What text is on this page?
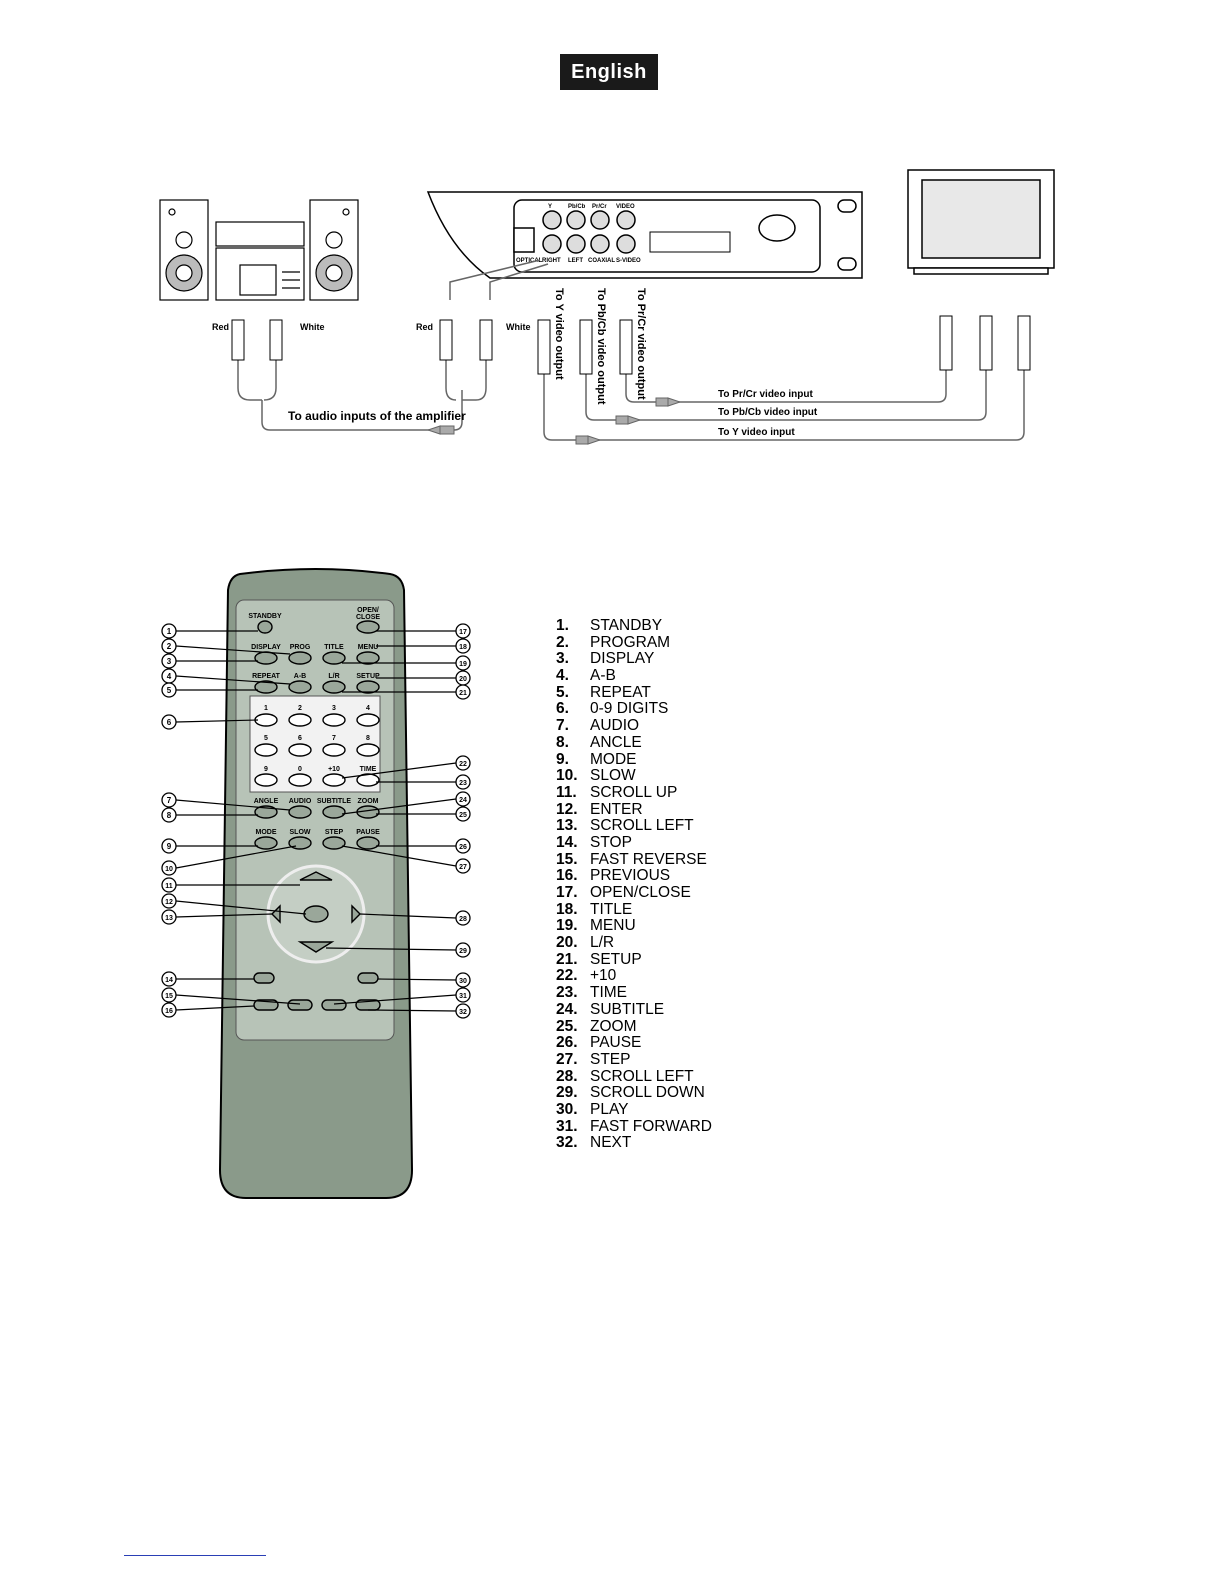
English
Y	Pb/Cb Pr/Cr VIDEO
OPTICAL RIGHT LEFT COAXIAL S-VIDEO
Red	White	Red	White
To audio inputs of the amplifier
To Y video output	To Pb/Cb video output	To Pr/Cr video output	To Pr/Cr video input
To Pb/Cb video input
To Y video input
STANDBY
OPEN/
CLOSE
DISPLAY PROG TITLE MENU
REPEAT A-B	L/R SETUP
1	2	3	4
5	6	7	8
9	0	+10	TIME
ANGLE AUDIO SUBTITLE ZOOM
MODE SLOW STEP PAUSE
1
2
3
4
5
6
7
8
9
10
11
12
13
14
15
16
17
18
19
20
21
22
23
24
25
26
27
28
29
30
31
32
1. STANDBY
2. PROGRAM
3. DISPLAY
4. A-B
5. REPEAT
6. 0-9 DIGITS
7. AUDIO
8. ANCLE
9. MODE
10. SLOW
11. SCROLL UP
12. ENTER
13. SCROLL LEFT
14. STOP
15. FAST REVERSE
16. PREVIOUS
17. OPEN/CLOSE
18. TITLE
19. MENU
20. L/R
21. SETUP
22. +10
23. TIME
24. SUBTITLE
25. ZOOM
26. PAUSE
27. STEP
28. SCROLL LEFT
29. SCROLL DOWN
30. PLAY
31. FAST FORWARD
32. NEXT
